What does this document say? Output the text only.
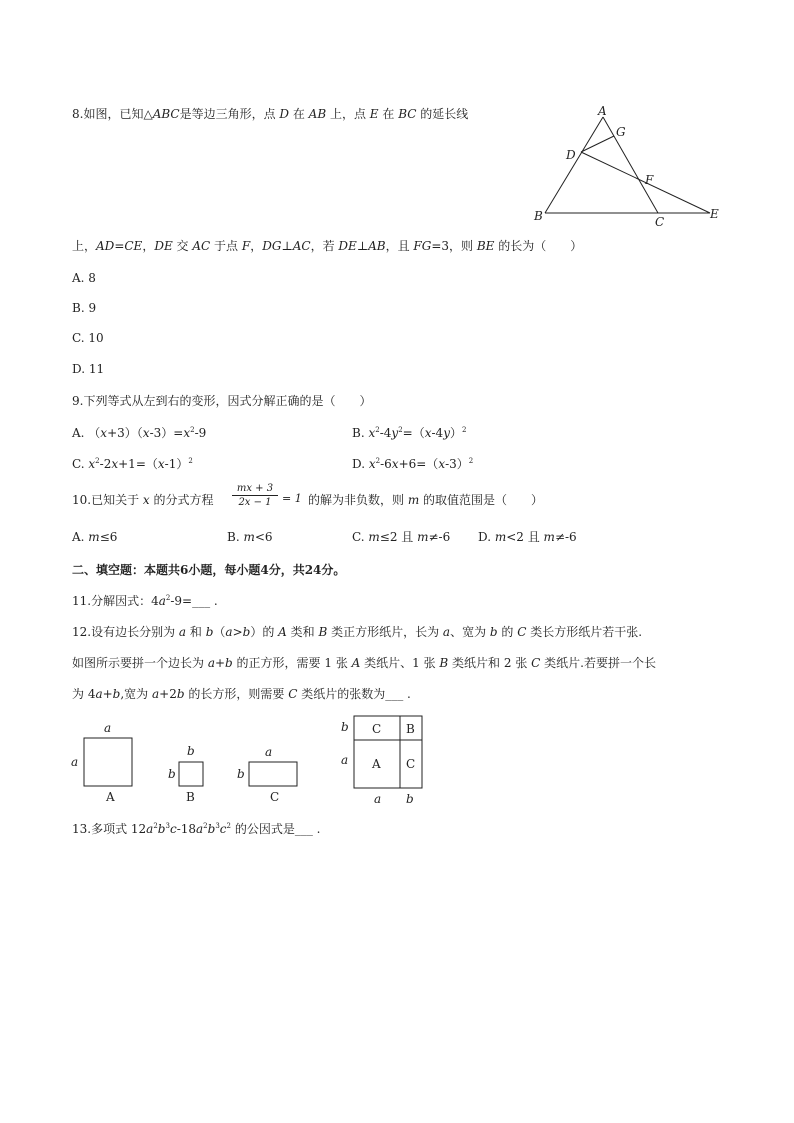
8.如图，已知△ABC是等边三角形，点 D 在 AB 上，点 E 在 BC 的延长线	A
G
D
F
B	C
E
上，AD=CE，DE 交 AC 于点 F，DG⊥AC，若 DE⊥AB，且 FG=3，则 BE 的长为（　　）
A. 8
B. 9
C. 10
D. 11
9.下列等式从左到右的变形，因式分解正确的是（　　）
A. $(x+3)(x-3)=x^2-9$	B. $x^2-4y^2=(x-4y)^2$
C. $x^2-2x+1=(x-1)^2$	D. $x^2-6x+6=(x-3)^2$
10.已知关于 x 的分式方程 $\frac{mx + 3}{2x - 1} = 1$ 的解为非负数，则 m 的取值范围是（　　）
A. m≤6	B. m<6	C. m≤2 且 m≠-6 D. m<2 且 m≠-6
二、填空题：本题共6小题，每小题4分，共24分。
11.分解因式：$4a^2-9=\_\_\_$ .
12.设有边长分别为 a 和 b（a>b）的 A 类和 B 类正方形纸片，长为 a、宽为 b 的 C 类长方形纸片若干张.
如图所示要拼一个边长为 a+b 的正方形，需要 1 张 A 类纸片、1 张 B 类纸片和 2 张 C 类纸片.若要拼一个长
为 4a+b,宽为 a+2b 的长方形，则需要 C 类纸片的张数为___ .
a
a
A
b
b
B
a
b
C
b
a
C B
A C
a b
13.多项式 $12a^2b^3c-18a^2b^3c^2$ 的公因式是___ .
